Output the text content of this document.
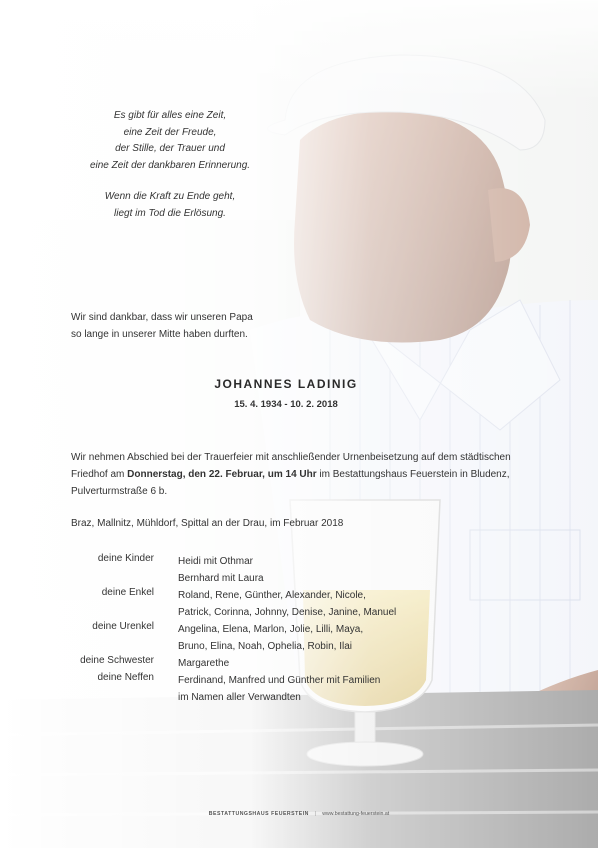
Es gibt für alles eine Zeit,
eine Zeit der Freude,
der Stille, der Trauer und
eine Zeit der dankbaren Erinnerung.
Wenn die Kraft zu Ende geht,
liegt im Tod die Erlösung.
Wir sind dankbar, dass wir unseren Papa
so lange in unserer Mitte haben durften.
JOHANNES LADINIG
15. 4. 1934 - 10. 2. 2018
Wir nehmen Abschied bei der Trauerfeier mit anschließender Urnenbeisetzung auf dem städtischen Friedhof am Donnerstag, den 22. Februar, um 14 Uhr im Bestattungshaus Feuerstein in Bludenz, Pulverturmstraße 6 b.
Braz, Mallnitz, Mühldorf, Spittal an der Drau, im Februar 2018
deine Kinder Heidi mit Othmar
Bernhard mit Laura
deine Enkel Roland, Rene, Günther, Alexander, Nicole,
Patrick, Corinna, Johnny, Denise, Janine, Manuel
deine Urenkel Angelina, Elena, Marlon, Jolie, Lilli, Maya,
Bruno, Elina, Noah, Ophelia, Robin, Ilai
deine Schwester Margarethe
deine Neffen Ferdinand, Manfred und Günther mit Familien
im Namen aller Verwandten
BESTATTUNGSHAUS FEUERSTEIN | www.bestattung-feuerstein.at
